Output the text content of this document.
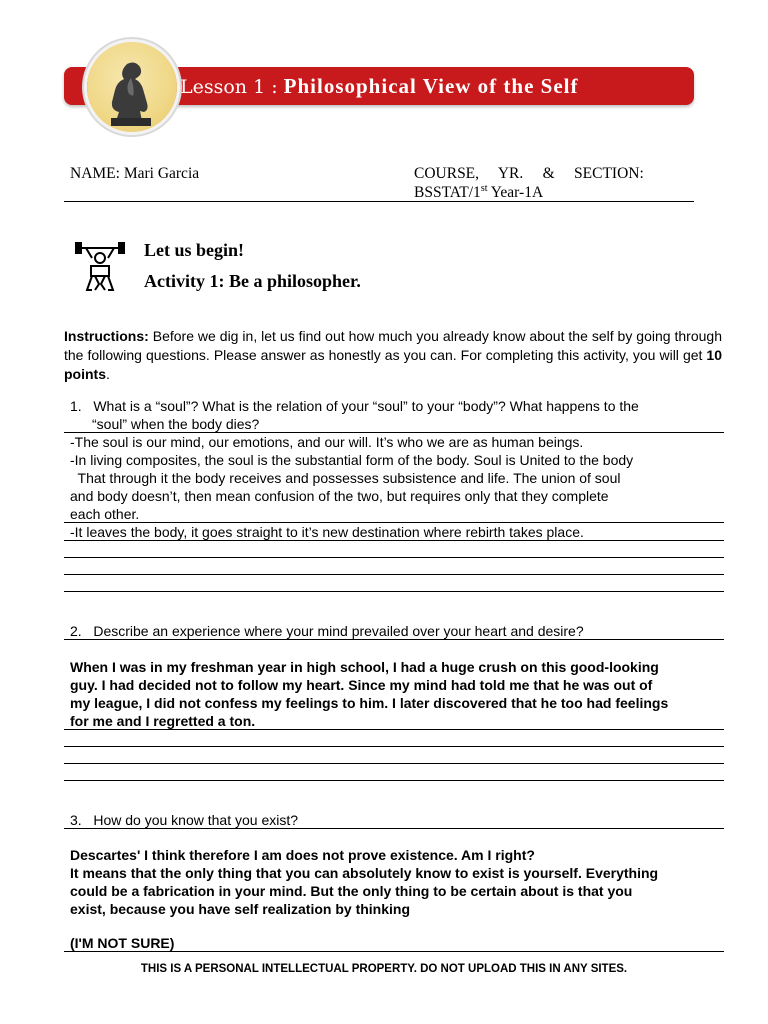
Lesson 1 : Philosophical View of the Self
NAME: Mari Garcia	COURSE,     YR.     &     SECTION:
BSSTAT/1st Year-1A
Let us begin!
Activity 1: Be a philosopher.
Instructions: Before we dig in, let us find out how much you already know about the self by going through the following questions. Please answer as honestly as you can. For completing this activity, you will get 10 points.
1.   What is a “soul”? What is the relation of your “soul” to your “body”? What happens to the
“soul” when the body dies?
-The soul is our mind, our emotions, and our will. It’s who we are as human beings.
-In living composites, the soul is the substantial form of the body. Soul is United to the body
That through it the body receives and possesses subsistence and life. The union of soul
and body doesn’t, then mean confusion of the two, but requires only that they complete
each other.
-It leaves the body, it goes straight to it’s new destination where rebirth takes place.
2.   Describe an experience where your mind prevailed over your heart and desire?
When I was in my freshman year in high school, I had a huge crush on this good-looking
guy. I had decided not to follow my heart. Since my mind had told me that he was out of
my league, I did not confess my feelings to him. I later discovered that he too had feelings
for me and I regretted a ton.
3.   How do you know that you exist?
Descartes' I think therefore I am does not prove existence. Am I right?
It means that the only thing that you can absolutely know to exist is yourself. Everything
could be a fabrication in your mind. But the only thing to be certain about is that you
exist, because you have self realization by thinking
(I'M NOT SURE)
THIS IS A PERSONAL INTELLECTUAL PROPERTY. DO NOT UPLOAD THIS IN ANY SITES.
